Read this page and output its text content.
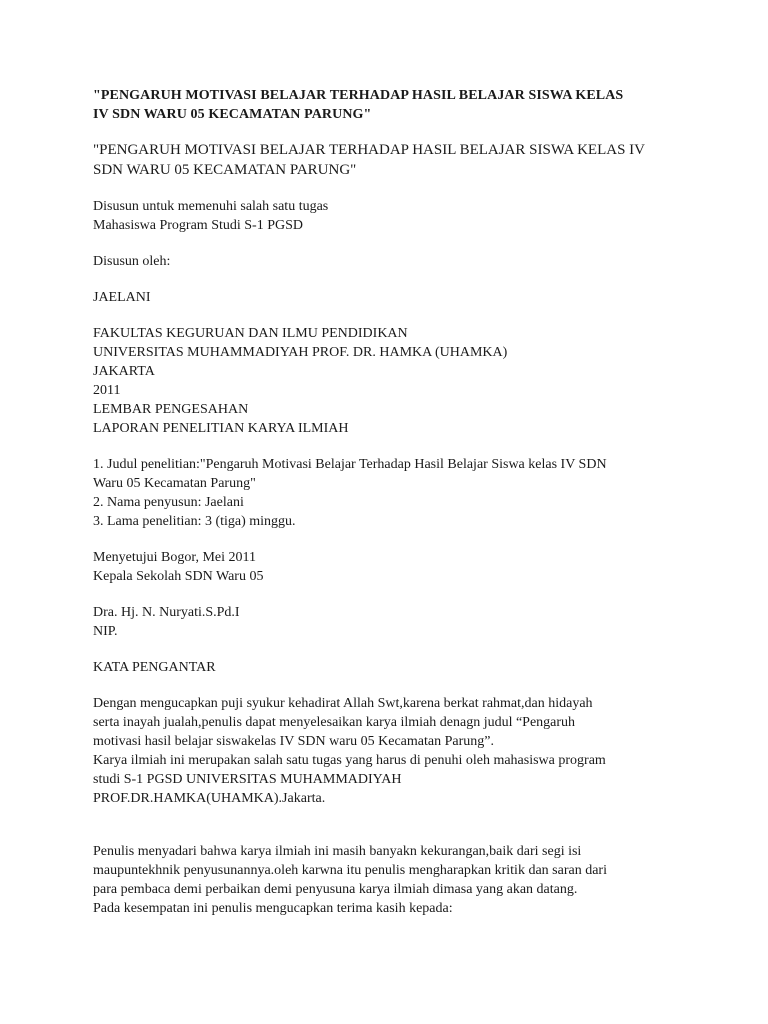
"PENGARUH MOTIVASI BELAJAR TERHADAP HASIL BELAJAR SISWA KELAS
IV SDN WARU 05 KECAMATAN PARUNG"

"PENGARUH MOTIVASI BELAJAR TERHADAP HASIL BELAJAR SISWA KELAS IV
SDN WARU 05 KECAMATAN PARUNG"

Disusun untuk memenuhi salah satu tugas
Mahasiswa Program Studi S-1 PGSD

Disusun oleh:

JAELANI

FAKULTAS KEGURUAN DAN ILMU PENDIDIKAN
UNIVERSITAS MUHAMMADIYAH PROF. DR. HAMKA (UHAMKA)
JAKARTA
2011
LEMBAR PENGESAHAN
LAPORAN PENELITIAN KARYA ILMIAH

1. Judul penelitian:"Pengaruh Motivasi Belajar Terhadap Hasil Belajar Siswa kelas IV SDN
Waru 05 Kecamatan Parung"
2. Nama penyusun: Jaelani
3. Lama penelitian: 3 (tiga) minggu.

Menyetujui Bogor, Mei 2011
Kepala Sekolah SDN Waru 05

Dra. Hj. N. Nuryati.S.Pd.I
NIP.

KATA PENGANTAR

Dengan mengucapkan puji syukur kehadirat Allah Swt,karena berkat rahmat,dan hidayah
serta inayah jualah,penulis dapat menyelesaikan karya ilmiah denagn judul “Pengaruh
motivasi hasil belajar siswakelas IV SDN waru 05 Kecamatan Parung”.
Karya ilmiah ini merupakan salah satu tugas yang harus di penuhi oleh mahasiswa program
studi S-1 PGSD UNIVERSITAS MUHAMMADIYAH
PROF.DR.HAMKA(UHAMKA).Jakarta.

Penulis menyadari bahwa karya ilmiah ini masih banyakn kekurangan,baik dari segi isi
maupuntekhnik penyusunannya.oleh karwna itu penulis mengharapkan kritik dan saran dari
para pembaca demi perbaikan demi penyusuna karya ilmiah dimasa yang akan datang.
Pada kesempatan ini penulis mengucapkan terima kasih kepada:
